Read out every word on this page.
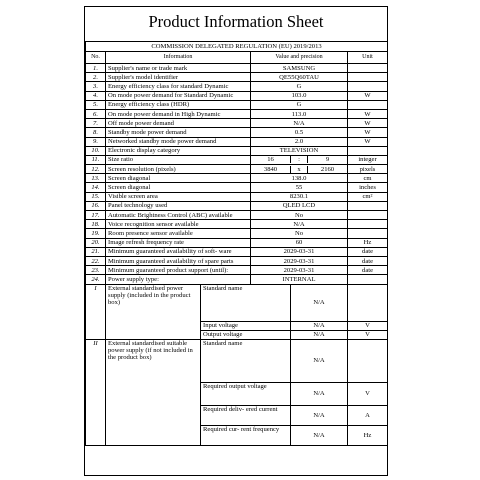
Product Information Sheet
COMMISSION DELEGATED REGULATION (EU) 2019/2013					
No.	Information		Value and precision		Unit
1.	Supplier's name or trade mark		SAMSUNG		
2.	Supplier's model identifier		QE55Q60TAU		
3.	Energy efficiency class for standard Dynamic		G		
4.	On mode power demand for Standard Dynamic		103.0		W
5.	Energy efficiency class (HDR)		G		
6.	On mode power demand in High Dynamic		113.0		W
7.	Off mode power demand		N/A		W
8.	Standby mode power demand		0.5		W
9.	Networked standby mode power demand		2.0		W
10.	Electronic display category		TELEVISION		
11.	Size ratio		16 : 9		integer
12.	Screen resolution (pixels)		3840 x 2160		pixels
13.	Screen diagonal		138.0		cm
14.	Screen diagonal		55		inches
15.	Visible screen area		8230.1		cm²
16.	Panel technology used		QLED LCD		
17.	Automatic Brightness Control (ABC) available		No		
18.	Voice recognition sensor available		N/A		
19.	Room presence sensor available		No		
20.	Image refresh frequency rate		60		Hz
21.	Minimum guaranteed availability of soft- ware		2029-03-31		date
22.	Minimum guaranteed availability of spare parts		2029-03-31		date
23.	Minimum guaranteed product support (until):		2029-03-31		date
24.	Power supply type:		INTERNAL		
I	External standardised power supply (included in the product box)	Standard name		N/A	
		Input voltage		N/A	V
		Output voltage		N/A	V
II	External standardised suitable power supply (if not included in the product box)	Standard name		N/A	
		Required output voltage		N/A	V
		Required deliv- ered current		N/A	A
		Required cur- rent frequency		N/A	Hz
